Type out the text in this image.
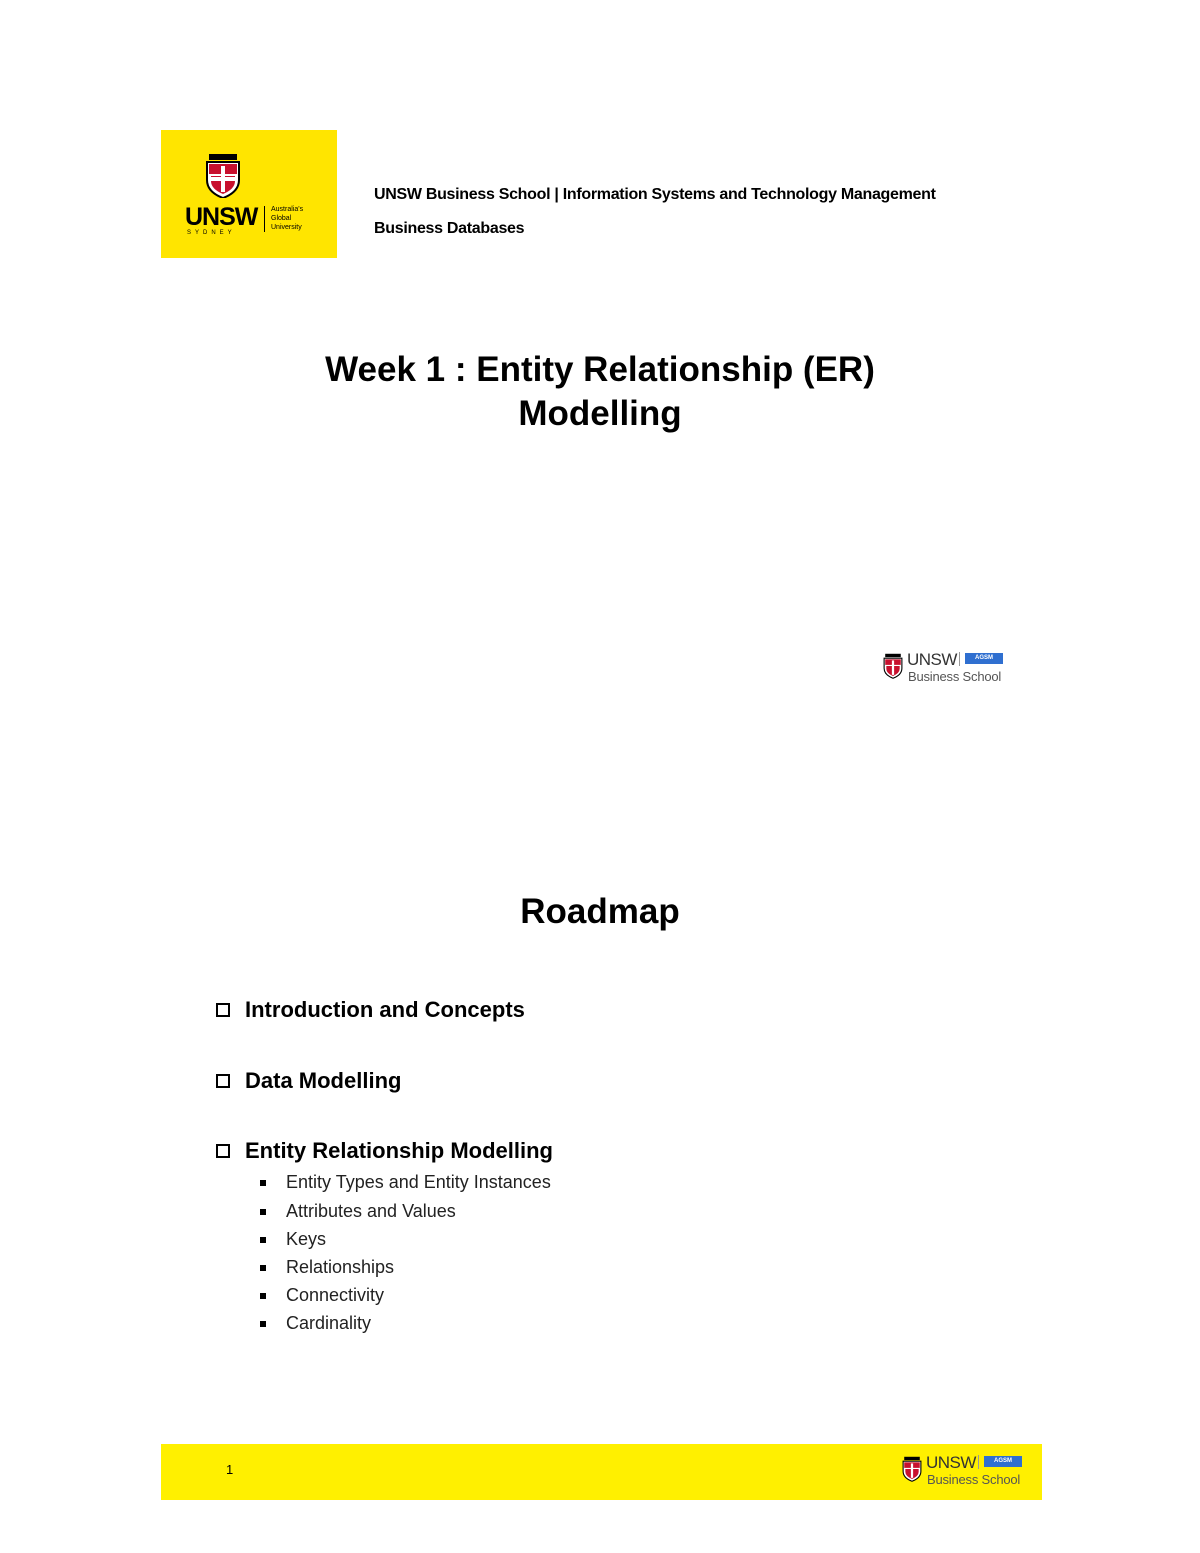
UNSW
SYDNEY
Australia's
Global
University
UNSW Business School | Information Systems and Technology Management
Business Databases
Week 1 : Entity Relationship (ER)
Modelling
UNSW	AGSM
Business School
Roadmap
Introduction and Concepts
Data Modelling
Entity Relationship Modelling
Entity Types and Entity Instances
Attributes and Values
Keys
Relationships
Connectivity
Cardinality
1	UNSW	AGSM
Business School
